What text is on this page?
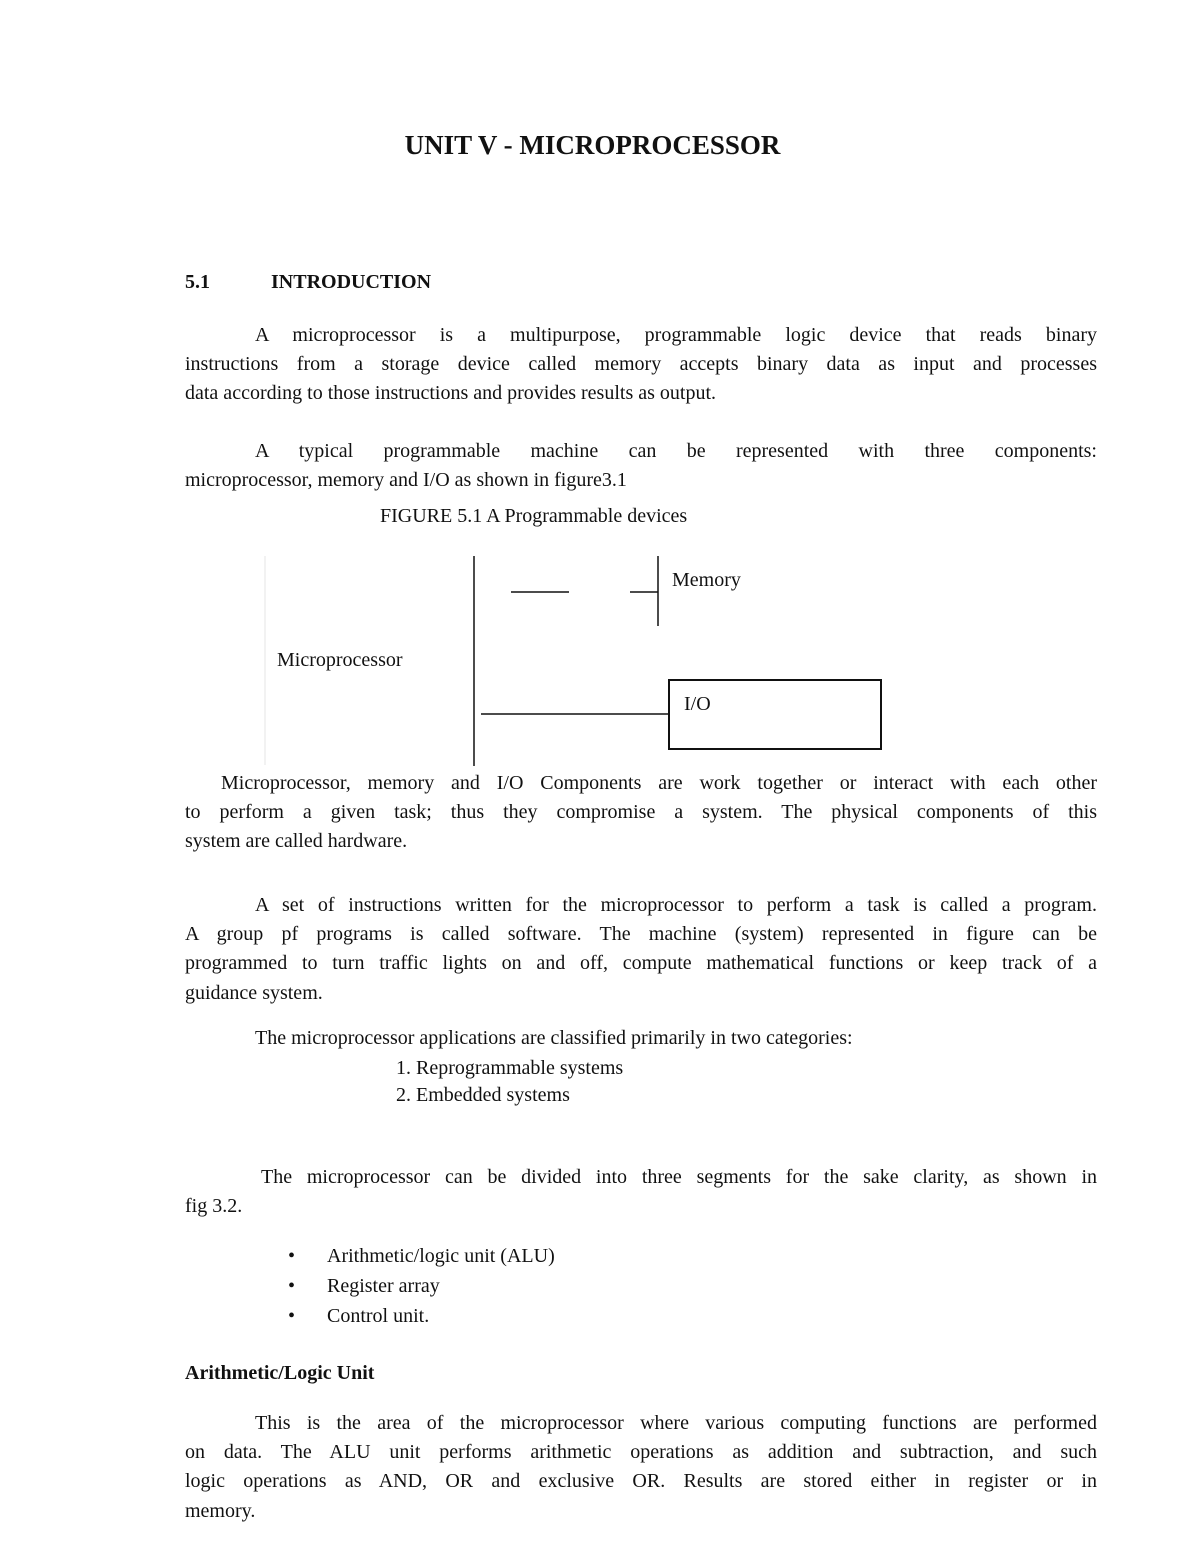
UNIT V - MICROPROCESSOR
5.1	INTRODUCTION
A microprocessor is a multipurpose, programmable logic device that reads binary
instructions from a storage device called memory accepts binary data as input and processes
data according to those instructions and provides results as output.
A typical programmable machine can be represented with three components:
microprocessor, memory and I/O as shown in figure3.1
FIGURE 5.1 A Programmable devices
Microprocessor
Memory
I/O
Microprocessor, memory and I/O Components are work together or interact with each other
to perform a given task; thus they compromise a system. The physical components of this
system are called hardware.
A set of instructions written for the microprocessor to perform a task is called a program.
A group pf programs is called software. The machine (system) represented in figure can be
programmed to turn traffic lights on and off, compute mathematical functions or keep track of a
guidance system.
The microprocessor applications are classified primarily in two categories:
1. Reprogrammable systems
2. Embedded systems
The microprocessor can be divided into three segments for the sake clarity, as shown in
fig 3.2.
• Arithmetic/logic unit (ALU)
• Register array
• Control unit.
Arithmetic/Logic Unit
This is the area of the microprocessor where various computing functions are performed
on data. The ALU unit performs arithmetic operations as addition and subtraction, and such
logic operations as AND, OR and exclusive OR. Results are stored either in register or in
memory.
